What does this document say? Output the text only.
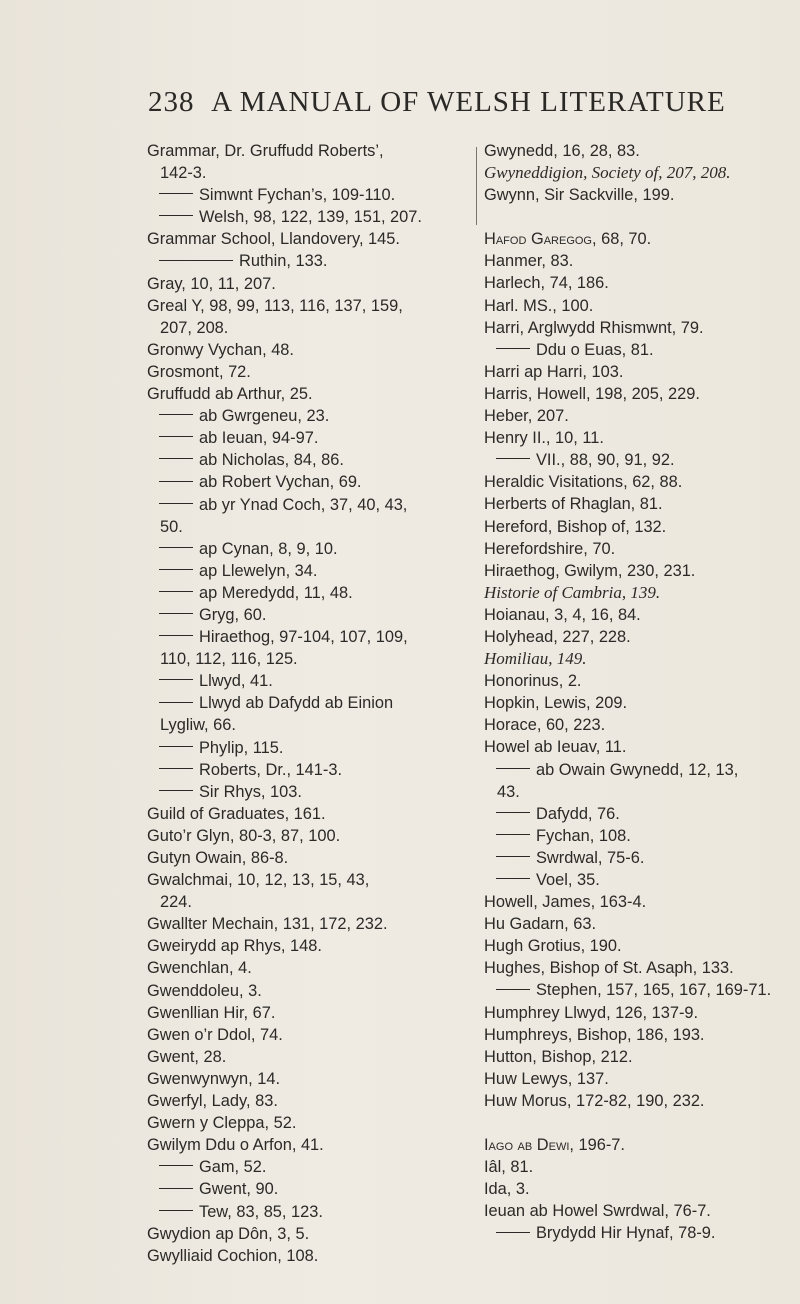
238 A MANUAL OF WELSH LITERATURE
Grammar, Dr. Gruffudd Roberts’,
142-3.
Simwnt Fychan’s, 109-110.
Welsh, 98, 122, 139, 151, 207.
Grammar School, Llandovery, 145.
Ruthin, 133.
Gray, 10, 11, 207.
Greal Y, 98, 99, 113, 116, 137, 159,
207, 208.
Gronwy Vychan, 48.
Grosmont, 72.
Gruffudd ab Arthur, 25.
ab Gwrgeneu, 23.
ab Ieuan, 94-97.
ab Nicholas, 84, 86.
ab Robert Vychan, 69.
ab yr Ynad Coch, 37, 40, 43,
50.
ap Cynan, 8, 9, 10.
ap Llewelyn, 34.
ap Meredydd, 11, 48.
Gryg, 60.
Hiraethog, 97-104, 107, 109,
110, 112, 116, 125.
Llwyd, 41.
Llwyd ab Dafydd ab Einion
Lygliw, 66.
Phylip, 115.
Roberts, Dr., 141-3.
Sir Rhys, 103.
Guild of Graduates, 161.
Guto’r Glyn, 80-3, 87, 100.
Gutyn Owain, 86-8.
Gwalchmai, 10, 12, 13, 15, 43,
224.
Gwallter Mechain, 131, 172, 232.
Gweirydd ap Rhys, 148.
Gwenchlan, 4.
Gwenddoleu, 3.
Gwenllian Hir, 67.
Gwen o’r Ddol, 74.
Gwent, 28.
Gwenwynwyn, 14.
Gwerfyl, Lady, 83.
Gwern y Cleppa, 52.
Gwilym Ddu o Arfon, 41.
Gam, 52.
Gwent, 90.
Tew, 83, 85, 123.
Gwydion ap Dôn, 3, 5.
Gwylliaid Cochion, 108.
Gwynedd, 16, 28, 83.
Gwyneddigion, Society of, 207, 208.
Gwynn, Sir Sackville, 199.
Hafod Garegog, 68, 70.
Hanmer, 83.
Harlech, 74, 186.
Harl. MS., 100.
Harri, Arglwydd Rhismwnt, 79.
Ddu o Euas, 81.
Harri ap Harri, 103.
Harris, Howell, 198, 205, 229.
Heber, 207.
Henry II., 10, 11.
VII., 88, 90, 91, 92.
Heraldic Visitations, 62, 88.
Herberts of Rhaglan, 81.
Hereford, Bishop of, 132.
Herefordshire, 70.
Hiraethog, Gwilym, 230, 231.
Historie of Cambria, 139.
Hoianau, 3, 4, 16, 84.
Holyhead, 227, 228.
Homiliau, 149.
Honorinus, 2.
Hopkin, Lewis, 209.
Horace, 60, 223.
Howel ab Ieuav, 11.
ab Owain Gwynedd, 12, 13,
43.
Dafydd, 76.
Fychan, 108.
Swrdwal, 75-6.
Voel, 35.
Howell, James, 163-4.
Hu Gadarn, 63.
Hugh Grotius, 190.
Hughes, Bishop of St. Asaph, 133.
Stephen, 157, 165, 167, 169-71.
Humphrey Llwyd, 126, 137-9.
Humphreys, Bishop, 186, 193.
Hutton, Bishop, 212.
Huw Lewys, 137.
Huw Morus, 172-82, 190, 232.
Iago ab Dewi, 196-7.
Iâl, 81.
Ida, 3.
Ieuan ab Howel Swrdwal, 76-7.
Brydydd Hir Hynaf, 78-9.
